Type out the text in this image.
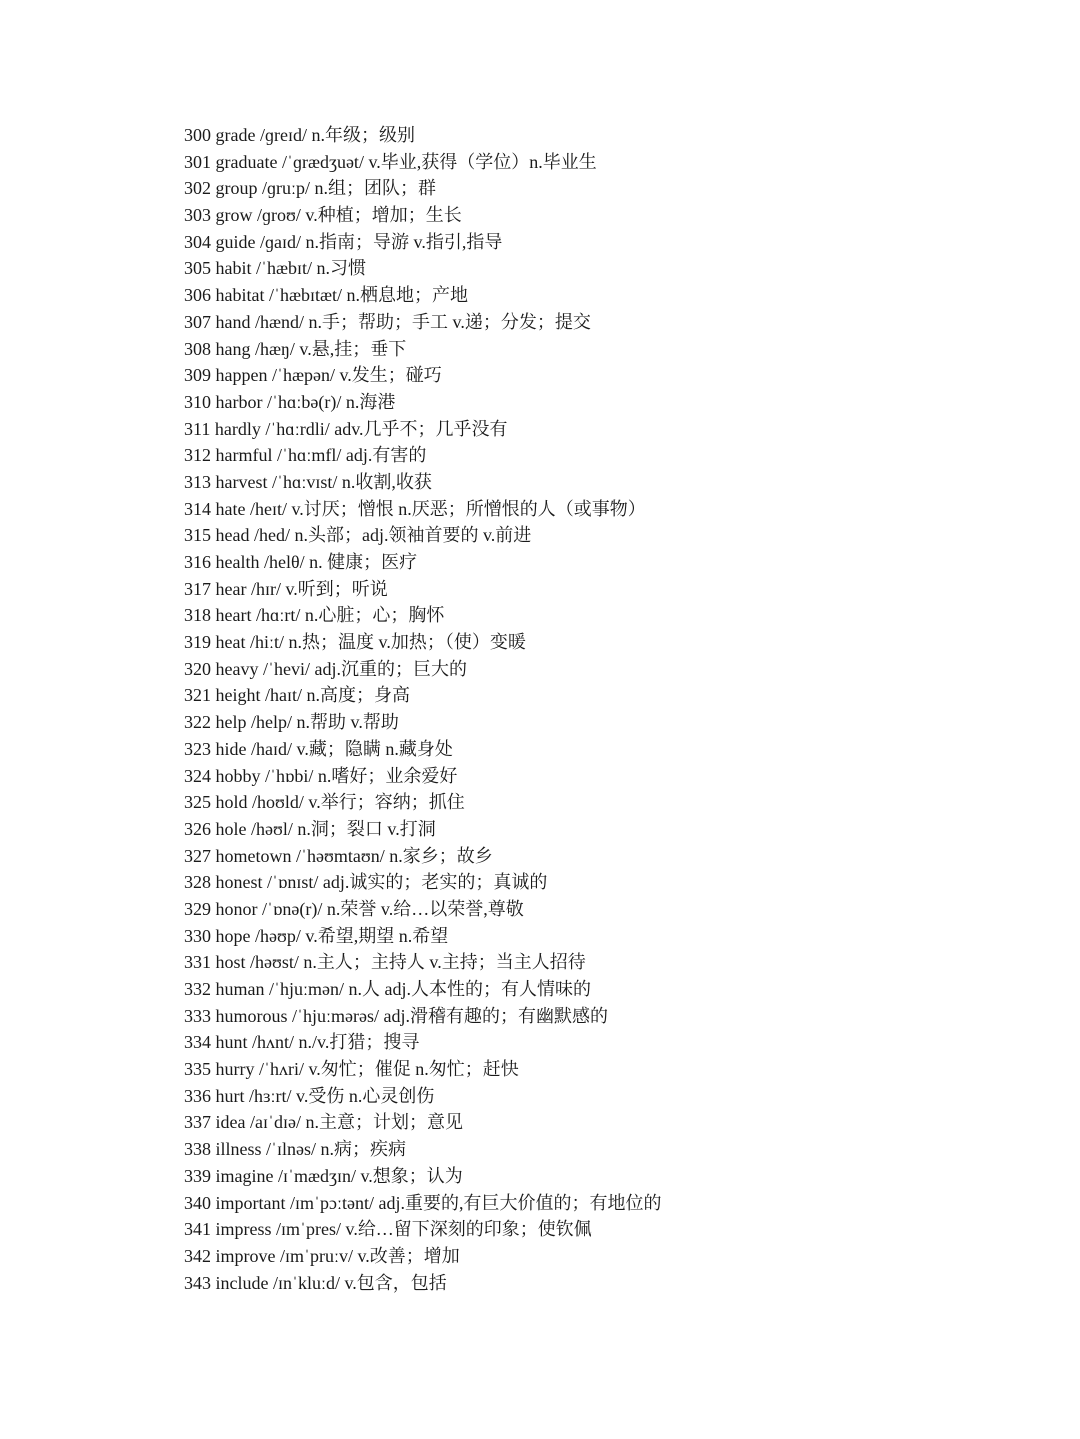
300 grade /ɡreɪd/ n.年级；级别
301 graduate /ˈɡrædʒuət/ v.毕业,获得（学位）n.毕业生
302 group /ɡruːp/ n.组；团队；群
303 grow /ɡroʊ/ v.种植；增加；生长
304 guide /ɡaɪd/ n.指南；导游 v.指引,指导
305 habit /ˈhæbɪt/ n.习惯
306 habitat /ˈhæbɪtæt/ n.栖息地；产地
307 hand /hænd/ n.手；帮助；手工 v.递；分发；提交
308 hang /hæŋ/ v.悬,挂；垂下
309 happen /ˈhæpən/ v.发生；碰巧
310 harbor /ˈhɑːbə(r)/ n.海港
311 hardly /ˈhɑːrdli/ adv.几乎不；几乎没有
312 harmful /ˈhɑːmfl/ adj.有害的
313 harvest /ˈhɑːvɪst/ n.收割,收获
314 hate /heɪt/ v.讨厌；憎恨 n.厌恶；所憎恨的人（或事物）
315 head /hed/ n.头部；adj.领袖首要的 v.前进
316 health /helθ/ n. 健康；医疗
317 hear /hɪr/ v.听到；听说
318 heart /hɑːrt/ n.心脏；心；胸怀
319 heat /hiːt/ n.热；温度 v.加热；（使）变暖
320 heavy /ˈhevi/ adj.沉重的；巨大的
321 height /haɪt/ n.高度；身高
322 help /help/ n.帮助 v.帮助
323 hide /haɪd/ v.藏；隐瞒 n.藏身处
324 hobby /ˈhɒbi/ n.嗜好；业余爱好
325 hold /hoʊld/ v.举行；容纳；抓住
326 hole /həʊl/ n.洞；裂口 v.打洞
327 hometown /ˈhəʊmtaʊn/ n.家乡；故乡
328 honest /ˈɒnɪst/ adj.诚实的；老实的；真诚的
329 honor /ˈɒnə(r)/ n.荣誉 v.给…以荣誉,尊敬
330 hope /həʊp/ v.希望,期望 n.希望
331 host /həʊst/ n.主人；主持人 v.主持；当主人招待
332 human /ˈhjuːmən/ n.人 adj.人本性的；有人情味的
333 humorous /ˈhjuːmərəs/ adj.滑稽有趣的；有幽默感的
334 hunt /hʌnt/ n./v.打猎；搜寻
335 hurry /ˈhʌri/ v.匆忙；催促 n.匆忙；赶快
336 hurt /hɜːrt/ v.受伤 n.心灵创伤
337 idea /aɪˈdɪə/ n.主意；计划；意见
338 illness /ˈɪlnəs/ n.病；疾病
339 imagine /ɪˈmædʒɪn/ v.想象；认为
340 important /ɪmˈpɔːtənt/ adj.重要的,有巨大价值的；有地位的
341 impress /ɪmˈpres/ v.给…留下深刻的印象；使钦佩
342 improve /ɪmˈpruːv/ v.改善；增加
343 include /ɪnˈkluːd/ v.包含，包括
